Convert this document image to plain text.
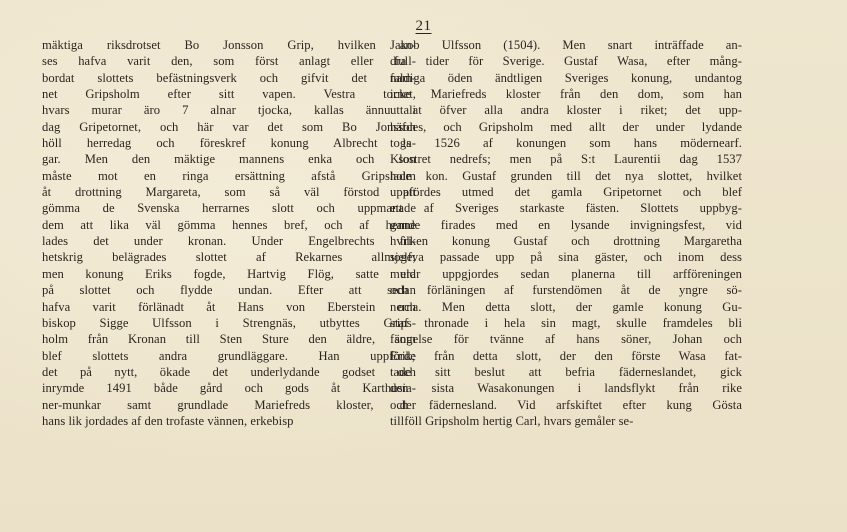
21
mäktiga riksdrotset Bo Jonsson Grip, hvilken an-
ses hafva varit den, som först anlagt eller full-
bordat slottets befästningsverk och gifvit det nam-
net Gripsholm efter sitt vapen. Vestra tornet,
hvars murar äro 7 alnar tjocka, kallas ännu i
dag Gripetornet, och här var det som Bo Jonsson
höll herredag och föreskref konung Albrecht la-
gar. Men den mäktige mannens enka och son
måste mot en ringa ersättning afstå Gripsholm
åt drottning Margareta, som så väl förstod att
gömma de Svenska herrarnes slott och uppmanade
dem att lika väl gömma hennes bref, och af henne
lades det under kronan. Under Engelbrechts fri-
hetskrig belägrades slottet af Rekarnes allmoge;
men konung Eriks fogde, Hartvig Flög, satte eld
på slottet och flydde undan. Efter att sedan
hafva varit förlänadt åt Hans von Eberstein och
biskop Sigge Ulfsson i Strengnäs, utbyttes Grips-
holm från Kronan till Sten Sture den äldre, som
blef slottets andra grundläggare. Han uppförde
det på nytt, ökade det underlydande godset och
inrymde 1491 både gård och gods åt Karthusia-
ner-munkar samt grundlade Mariefreds kloster, der
hans lik jordades af den trofaste vännen, erkebisp
Jakob Ulfsson (1504). Men snart inträffade an-
dra tider för Sverige. Gustaf Wasa, efter mång-
faldiga öden ändtligen Sveriges konung, undantog
icke Mariefreds kloster från den dom, som han
uttalat öfver alla andra kloster i riket; det upp-
häfdes, och Gripsholm med allt der under lydande
togs 1526 af konungen som hans mödernearf.
Klostret nedrefs; men på S:t Laurentii dag 1537
lade kon. Gustaf grunden till det nya slottet, hvilket
uppfördes utmed det gamla Gripetornet och blef
ett af Sveriges starkaste fästen. Slottets uppbyg-
gande firades med en lysande invigningsfest, vid
hvilken konung Gustaf och drottning Margaretha
sjelfva passade upp på sina gäster, och inom dess
murar uppgjordes sedan planerna till arfföreningen
och förläningen af furstendömen åt de yngre sö-
nerna. Men detta slott, der gamle konung Gu-
staf thronade i hela sin magt, skulle framdeles bli
fängelse för tvänne af hans söner, Johan och
Erik; från detta slott, der den förste Wasa fat-
tade sitt beslut att befria fäderneslandet, gick
den sista Wasakonungen i landsflykt från rike
och fädernesland. Vid arfskiftet efter kung Gösta
tillföll Gripsholm hertig Carl, hvars gemåler se-
